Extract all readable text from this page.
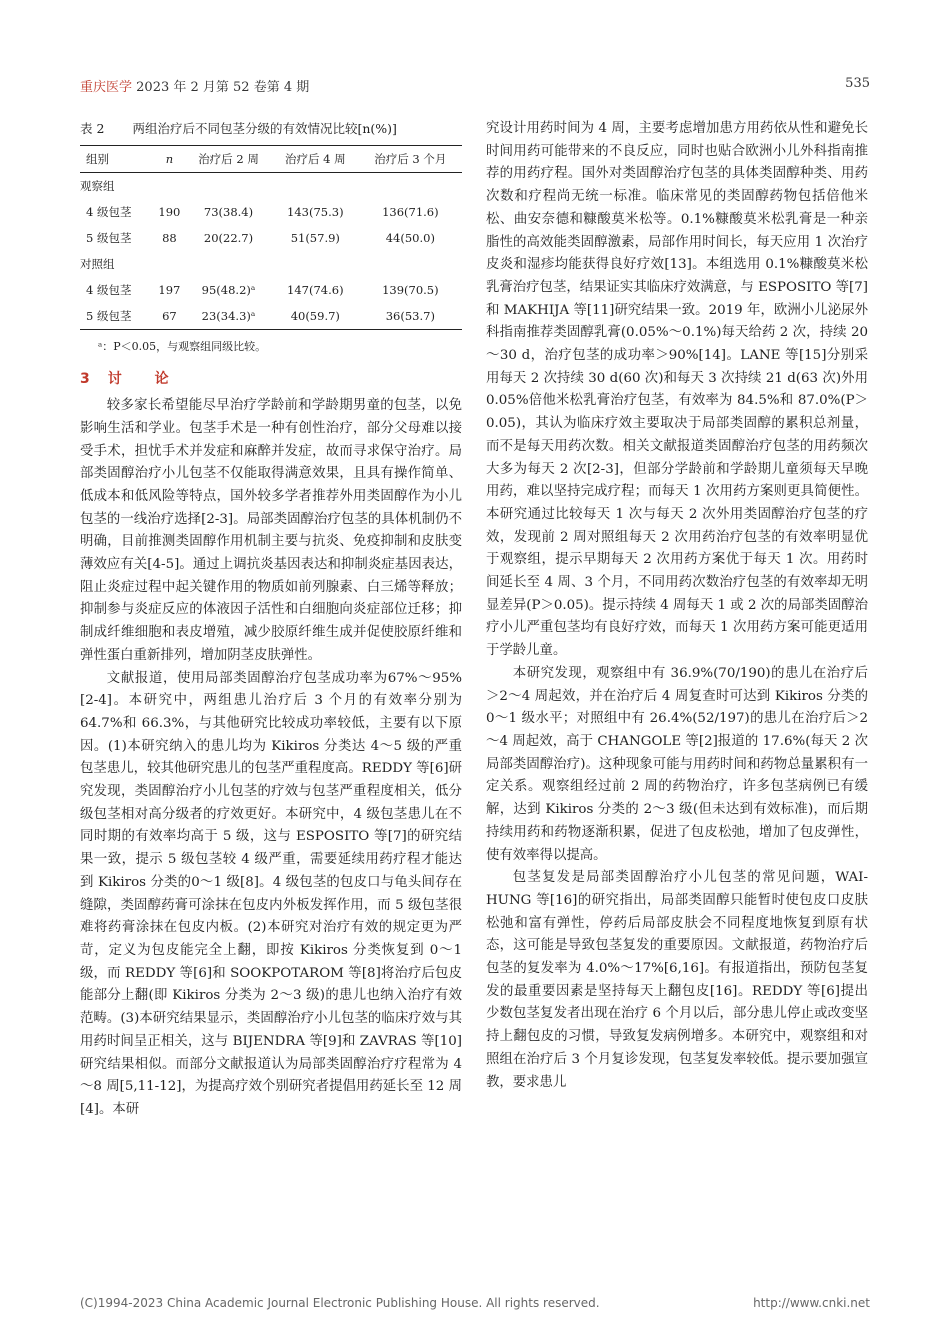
重庆医学 2023 年 2 月第 52 卷第 4 期	535

表 2 两组治疗后不同包茎分级的有效情况比较[n(%)]

组别	n	治疗后 2 周	治疗后 4 周	治疗后 3 个月
观察组				
4 级包茎	190	73(38.4)	143(75.3)	136(71.6)
5 级包茎	88	20(22.7)	51(57.9)	44(50.0)
对照组				
4 级包茎	197	95(48.2)ᵃ	147(74.6)	139(70.5)
5 级包茎	67	23(34.3)ᵃ	40(59.7)	36(53.7)

ᵃ：P＜0.05，与观察组同级比较。

3 讨 论

较多家长希望能尽早治疗学龄前和学龄期男童的包茎，以免影响生活和学业。包茎手术是一种有创性治疗，部分父母难以接受手术，担忧手术并发症和麻醉并发症，故而寻求保守治疗。局部类固醇治疗小儿包茎不仅能取得满意效果，且具有操作简单、低成本和低风险等特点，国外较多学者推荐外用类固醇作为小儿包茎的一线治疗选择[2-3]。局部类固醇治疗包茎的具体机制仍不明确，目前推测类固醇作用机制主要与抗炎、免疫抑制和皮肤变薄效应有关[4-5]。通过上调抗炎基因表达和抑制炎症基因表达，阻止炎症过程中起关键作用的物质如前列腺素、白三烯等释放；抑制参与炎症反应的体液因子活性和白细胞向炎症部位迁移；抑制成纤维细胞和表皮增殖，减少胶原纤维生成并促使胶原纤维和弹性蛋白重新排列，增加阴茎皮肤弹性。

文献报道，使用局部类固醇治疗包茎成功率为67%～95%[2-4]。本研究中，两组患儿治疗后 3 个月的有效率分别为 64.7%和 66.3%，与其他研究比较成功率较低，主要有以下原因。(1)本研究纳入的患儿均为 Kikiros 分类达 4～5 级的严重包茎患儿，较其他研究患儿的包茎严重程度高。REDDY 等[6]研究发现，类固醇治疗小儿包茎的疗效与包茎严重程度相关，低分级包茎相对高分级者的疗效更好。本研究中，4 级包茎患儿在不同时期的有效率均高于 5 级，这与 ESPOSITO 等[7]的研究结果一致，提示 5 级包茎较 4 级严重，需要延续用药疗程才能达到 Kikiros 分类的0～1 级[8]。4 级包茎的包皮口与龟头间存在缝隙，类固醇药膏可涂抹在包皮内外板发挥作用，而 5 级包茎很难将药膏涂抹在包皮内板。(2)本研究对治疗有效的规定更为严苛，定义为包皮能完全上翻，即按 Kikiros 分类恢复到 0～1 级，而 REDDY 等[6]和 SOOKPOTAROM 等[8]将治疗后包皮能部分上翻(即 Kikiros 分类为 2～3 级)的患儿也纳入治疗有效范畴。(3)本研究结果显示，类固醇治疗小儿包茎的临床疗效与其用药时间呈正相关，这与 BIJENDRA 等[9]和 ZAVRAS 等[10]研究结果相似。而部分文献报道认为局部类固醇治疗疗程常为 4～8 周[5,11-12]，为提高疗效个别研究者提倡用药延长至 12 周[4]。本研

究设计用药时间为 4 周，主要考虑增加患方用药依从性和避免长时间用药可能带来的不良反应，同时也贴合欧洲小儿外科指南推荐的用药疗程。国外对类固醇治疗包茎的具体类固醇种类、用药次数和疗程尚无统一标准。临床常见的类固醇药物包括倍他米松、曲安奈德和糠酸莫米松等。0.1%糠酸莫米松乳膏是一种亲脂性的高效能类固醇激素，局部作用时间长，每天应用 1 次治疗皮炎和湿疹均能获得良好疗效[13]。本组选用 0.1%糠酸莫米松乳膏治疗包茎，结果证实其临床疗效满意，与 ESPOSITO 等[7]和 MAKHIJA 等[11]研究结果一致。2019 年，欧洲小儿泌尿外科指南推荐类固醇乳膏(0.05%～0.1%)每天给药 2 次，持续 20～30 d，治疗包茎的成功率＞90%[14]。LANE 等[15]分别采用每天 2 次持续 30 d(60 次)和每天 3 次持续 21 d(63 次)外用 0.05%倍他米松乳膏治疗包茎，有效率为 84.5%和 87.0%(P＞0.05)，其认为临床疗效主要取决于局部类固醇的累积总剂量，而不是每天用药次数。相关文献报道类固醇治疗包茎的用药频次大多为每天 2 次[2-3]，但部分学龄前和学龄期儿童须每天早晚用药，难以坚持完成疗程；而每天 1 次用药方案则更具简便性。本研究通过比较每天 1 次与每天 2 次外用类固醇治疗包茎的疗效，发现前 2 周对照组每天 2 次用药治疗包茎的有效率明显优于观察组，提示早期每天 2 次用药方案优于每天 1 次。用药时间延长至 4 周、3 个月，不同用药次数治疗包茎的有效率却无明显差异(P＞0.05)。提示持续 4 周每天 1 或 2 次的局部类固醇治疗小儿严重包茎均有良好疗效，而每天 1 次用药方案可能更适用于学龄儿童。

本研究发现，观察组中有 36.9%(70/190)的患儿在治疗后＞2～4 周起效，并在治疗后 4 周复查时可达到 Kikiros 分类的 0～1 级水平；对照组中有 26.4%(52/197)的患儿在治疗后＞2～4 周起效，高于 CHANGOLE 等[2]报道的 17.6%(每天 2 次局部类固醇治疗)。这种现象可能与用药时间和药物总量累积有一定关系。观察组经过前 2 周的药物治疗，许多包茎病例已有缓解，达到 Kikiros 分类的 2～3 级(但未达到有效标准)，而后期持续用药和药物逐渐积累，促进了包皮松弛，增加了包皮弹性，使有效率得以提高。

包茎复发是局部类固醇治疗小儿包茎的常见问题，WAI-HUNG 等[16]的研究指出，局部类固醇只能暂时使包皮口皮肤松弛和富有弹性，停药后局部皮肤会不同程度地恢复到原有状态，这可能是导致包茎复发的重要原因。文献报道，药物治疗后包茎的复发率为 4.0%～17%[6,16]。有报道指出，预防包茎复发的最重要因素是坚持每天上翻包皮[16]。REDDY 等[6]提出少数包茎复发者出现在治疗 6 个月以后，部分患儿停止或改变坚持上翻包皮的习惯，导致复发病例增多。本研究中，观察组和对照组在治疗后 3 个月复诊发现，包茎复发率较低。提示要加强宣教，要求患儿

(C)1994-2023 China Academic Journal Electronic Publishing House. All rights reserved.	http://www.cnki.net
